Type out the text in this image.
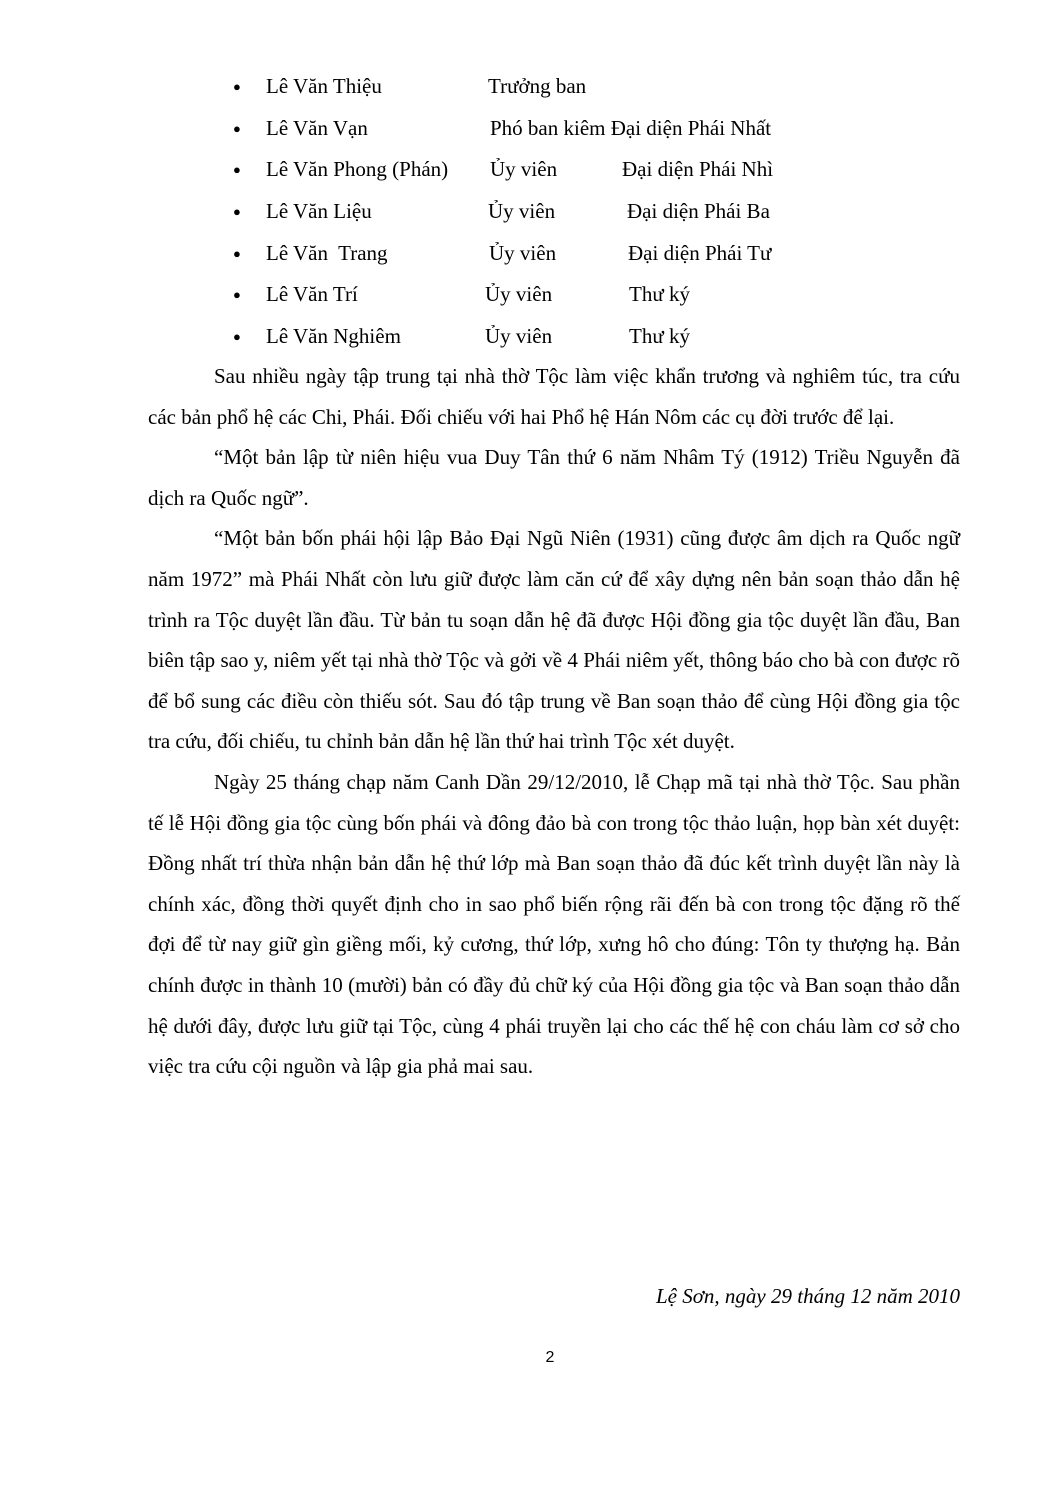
● Lê Văn Thiệu	Trưởng ban
● Lê Văn Vạn	Phó ban kiêm Đại diện Phái Nhất
● Lê Văn Phong (Phán) Ủy viên	Đại diện Phái Nhì
● Lê Văn Liệu	Ủy viên	Đại diện Phái Ba
● Lê Văn  Trang	Ủy viên	Đại diện Phái Tư
● Lê Văn Trí	Ủy viên	Thư ký
● Lê Văn Nghiêm	Ủy viên	Thư ký

Sau nhiều ngày tập trung tại nhà thờ Tộc làm việc khẩn trương và nghiêm túc, tra cứu các bản phổ hệ các Chi, Phái. Đối chiếu với hai Phổ hệ Hán Nôm các cụ đời trước để lại.

“Một bản lập từ niên hiệu vua Duy Tân thứ 6 năm Nhâm Tý (1912) Triều Nguyễn đã dịch ra Quốc ngữ”.

“Một bản bốn phái hội lập Bảo Đại Ngũ Niên (1931) cũng được âm dịch ra Quốc ngữ năm 1972” mà Phái Nhất còn lưu giữ được làm căn cứ để xây dựng nên bản soạn thảo dẫn hệ trình ra Tộc duyệt lần đầu. Từ bản tu soạn dẫn hệ đã được Hội đồng gia tộc duyệt lần đầu, Ban biên tập sao y, niêm yết tại nhà thờ Tộc và gởi về 4 Phái niêm yết, thông báo cho bà con được rõ để bổ sung các điều còn thiếu sót. Sau đó tập trung về Ban soạn thảo để cùng Hội đồng gia tộc tra cứu, đối chiếu, tu chỉnh bản dẫn hệ lần thứ hai trình Tộc xét duyệt.

Ngày 25 tháng chạp năm Canh Dần 29/12/2010, lễ Chạp mã tại nhà thờ Tộc. Sau phần tế lễ Hội đồng gia tộc cùng bốn phái và đông đảo bà con trong tộc thảo luận, họp bàn xét duyệt: Đồng nhất trí thừa nhận bản dẫn hệ thứ lớp mà Ban soạn thảo đã đúc kết trình duyệt lần này là chính xác, đồng thời quyết định cho in sao phổ biến rộng rãi đến bà con trong tộc đặng rõ thế đợi để từ nay giữ gìn giềng mối, kỷ cương, thứ lớp, xưng hô cho đúng: Tôn ty thượng hạ. Bản chính được in thành 10 (mười) bản có đầy đủ chữ ký của Hội đồng gia tộc và Ban soạn thảo dẫn hệ dưới đây, được lưu giữ tại Tộc, cùng 4 phái truyền lại cho các thế hệ con cháu làm cơ sở cho việc tra cứu cội nguồn và lập gia phả mai sau.

Lệ Sơn, ngày 29 tháng 12 năm 2010
2
